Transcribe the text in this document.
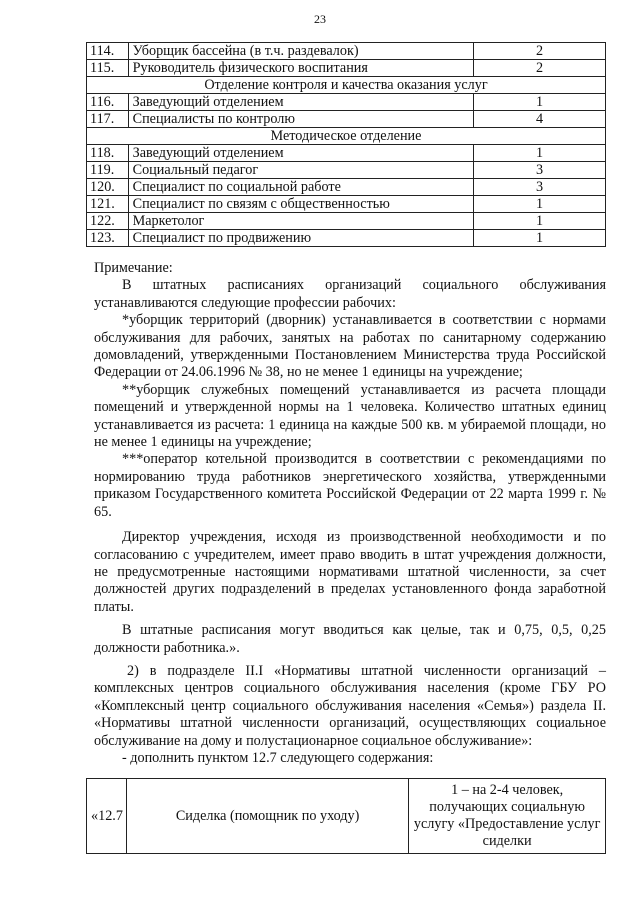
23
114.	Уборщик бассейна (в т.ч. раздевалок)	2
115.	Руководитель физического воспитания	2
Отделение контроля и качества оказания услуг		
116.	Заведующий отделением	1
117.	Специалисты по контролю	4
Методическое отделение		
118.	Заведующий отделением	1
119.	Социальный педагог	3
120.	Специалист по социальной работе	3
121.	Специалист по связям с общественностью	1
122.	Маркетолог	1
123.	Специалист по продвижению	1

Примечание:

В штатных расписаниях организаций социального обслуживания устанавливаются следующие профессии рабочих:

*уборщик территорий (дворник) устанавливается в соответствии с нормами обслуживания для рабочих, занятых на работах по санитарному содержанию домовладений, утвержденными Постановлением Министерства труда Российской Федерации от 24.06.1996 № 38, но не менее 1 единицы на учреждение;

**уборщик служебных помещений устанавливается из расчета площади помещений и утвержденной нормы на 1 человека. Количество штатных единиц устанавливается из расчета: 1 единица на каждые 500 кв. м убираемой площади, но не менее 1 единицы на учреждение;

***оператор котельной производится в соответствии с рекомендациями по нормированию труда работников энергетического хозяйства, утвержденными приказом Государственного комитета Российской Федерации от 22 марта 1999 г. № 65.

Директор учреждения, исходя из производственной необходимости и по согласованию с учредителем, имеет право вводить в штат учреждения должности, не предусмотренные настоящими нормативами штатной численности, за счет должностей других подразделений в пределах установленного фонда заработной платы.

В штатные расписания могут вводиться как целые, так и 0,75, 0,5, 0,25 должности работника.».

2) в подразделе II.I «Нормативы штатной численности организаций – комплексных центров социального обслуживания населения (кроме ГБУ РО «Комплексный центр социального обслуживания населения «Семья») раздела II. «Нормативы штатной численности организаций, осуществляющих социальное обслуживание на дому и полустационарное социальное обслуживание»:

- дополнить пунктом 12.7 следующего содержания:

«12.7	Сиделка (помощник по уходу)	1 – на 2-4 человек, получающих социальную услугу «Предоставление услуг сиделки
